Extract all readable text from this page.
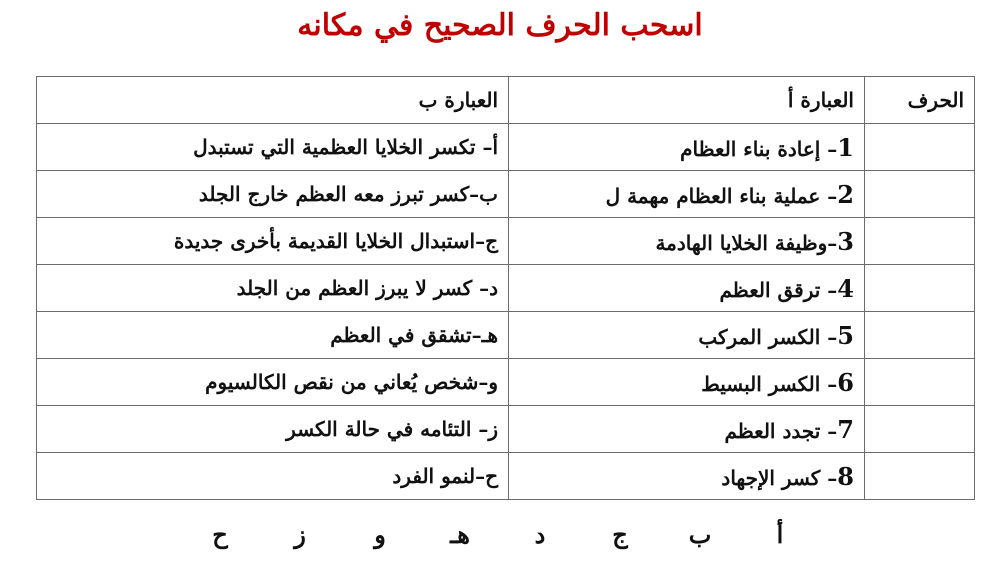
اسحب الحرف الصحيح في مكانه
الحرف	العبارة أ	العبارة ب
	1– إعادة بناء العظام	أ– تكسر الخلايا العظمية التي تستبدل
	2– عملية بناء العظام مهمة ل	ب–كسر تبرز معه العظم خارج الجلد
	3–وظيفة الخلايا الهادمة	ج–استبدال الخلايا القديمة بأخرى جديدة
	4– ترقق العظم	د– كسر لا يبرز العظم من الجلد
	5– الكسر المركب	هـ–تشقق في العظم
	6– الكسر البسيط	و–شخص يُعاني من نقص الكالسيوم
	7– تجدد العظم	ز– التئامه في حالة الكسر
	8– كسر الإجهاد	ح–لنمو الفرد
أ
ب
ج
د
هـ
و
ز
ح
